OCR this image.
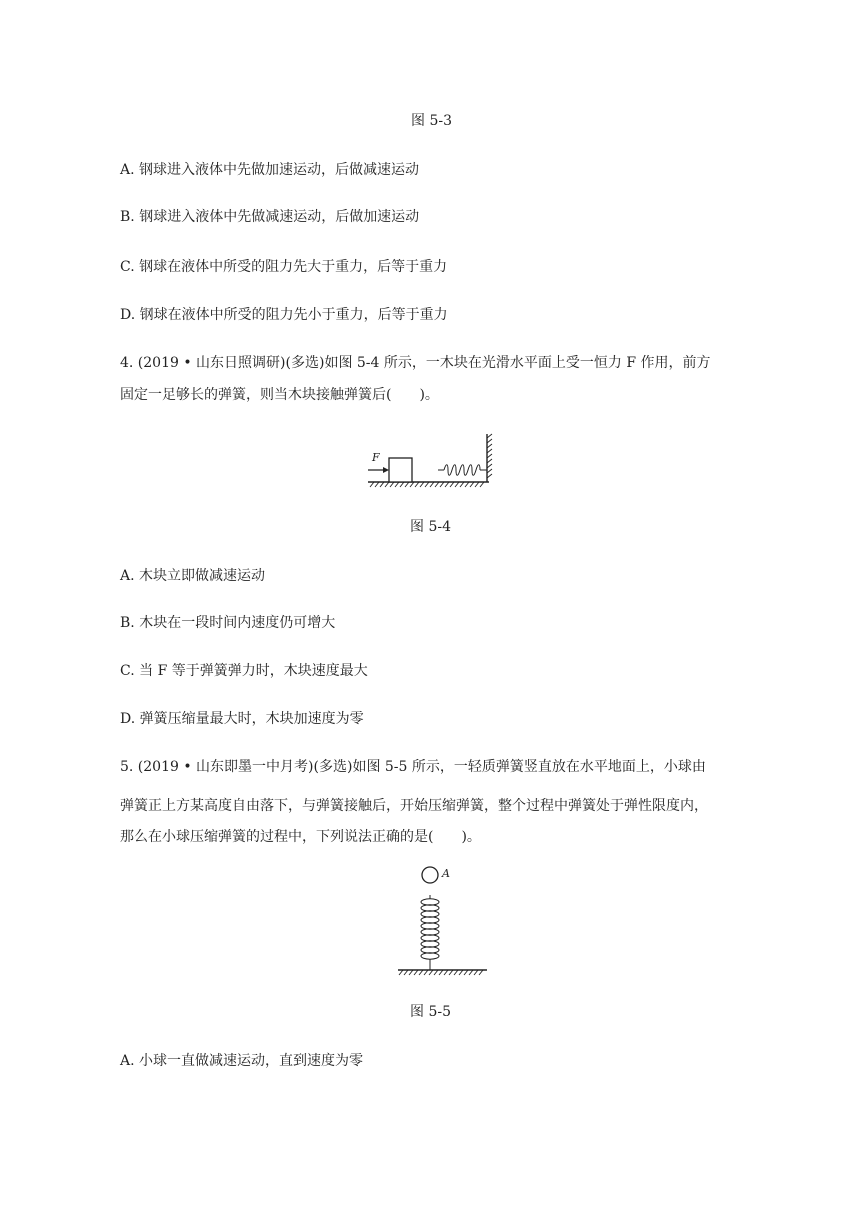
图 5-3
A. 钢球进入液体中先做加速运动，后做减速运动
B. 钢球进入液体中先做减速运动，后做加速运动
C. 钢球在液体中所受的阻力先大于重力，后等于重力
D. 钢球在液体中所受的阻力先小于重力，后等于重力
4. (2019 • 山东日照调研)(多选)如图 5-4 所示，一木块在光滑水平面上受一恒力 F 作用，前方
固定一足够长的弹簧，则当木块接触弹簧后(　　)。
F
图 5-4
A. 木块立即做减速运动
B. 木块在一段时间内速度仍可增大
C. 当 F 等于弹簧弹力时，木块速度最大
D. 弹簧压缩量最大时，木块加速度为零
5. (2019 • 山东即墨一中月考)(多选)如图 5-5 所示，一轻质弹簧竖直放在水平地面上，小球由
弹簧正上方某高度自由落下，与弹簧接触后，开始压缩弹簧，整个过程中弹簧处于弹性限度内，
那么在小球压缩弹簧的过程中，下列说法正确的是(　　)。
A
图 5-5
A. 小球一直做减速运动，直到速度为零
